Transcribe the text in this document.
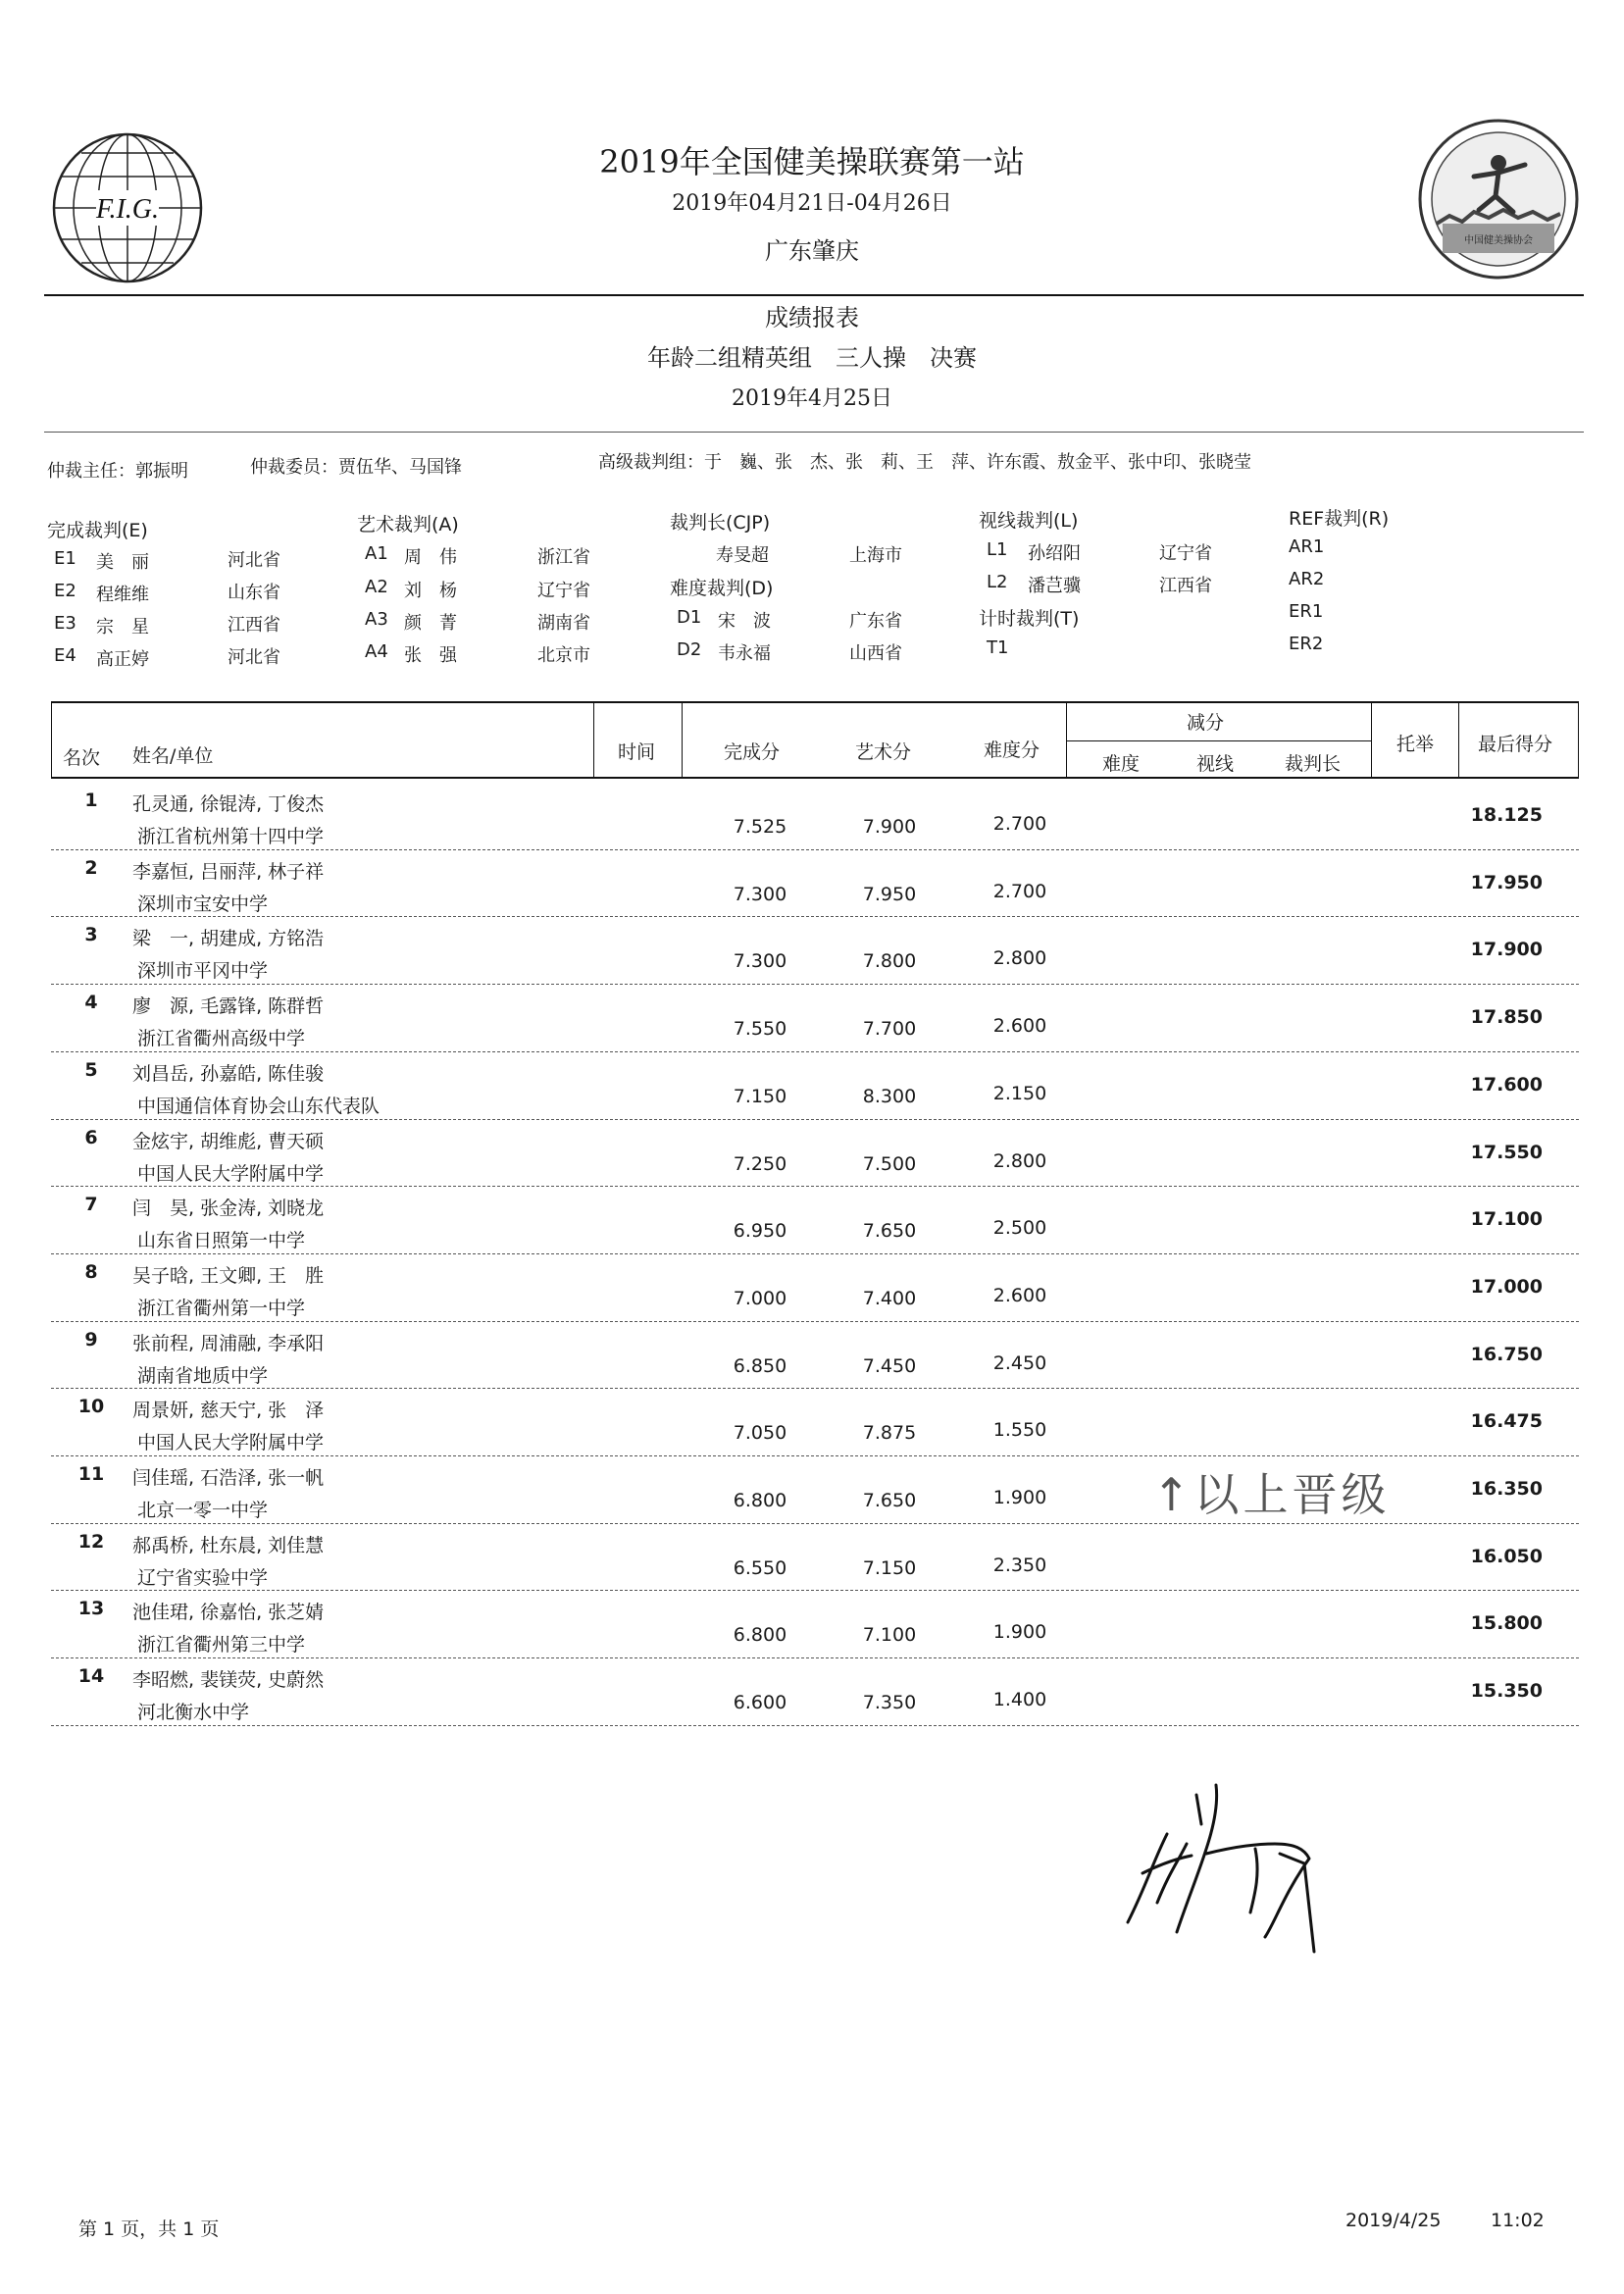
F.I.G.
中国健美操协会
2019年全国健美操联赛第一站
2019年04月21日-04月26日
广东肇庆
成绩报表
年龄二组精英组　三人操　决赛
2019年4月25日
仲裁主任：郭振明	仲裁委员：贾伍华、马国锋	高级裁判组：于　巍、张　杰、张　莉、王　萍、许东霞、敖金平、张中印、张晓莹
完成裁判(E)
E1 美　丽	河北省
E2 程维维	山东省
E3 宗　星	江西省
E4 高正婷	河北省
艺术裁判(A)
A1 周　伟	浙江省
A2 刘　杨	辽宁省
A3 颜　菁	湖南省
A4 张　强	北京市
裁判长(CJP)
寿旻超	上海市
难度裁判(D)
D1 宋　波	广东省
D2 韦永福	山西省
视线裁判(L)
L1 孙绍阳	辽宁省
L2 潘芑骥	江西省
计时裁判(T)
T1
REF裁判(R)
AR1
AR2
ER1
ER2
名次 姓名/单位	时间	完成分	艺术分	难度分
减分
难度	视线	裁判长
托举 最后得分
1	孔灵通, 徐锟涛, 丁俊杰
浙江省杭州第十四中学	7.525	7.900	2.700	18.125
2	李嘉恒, 吕丽萍, 林子祥
深圳市宝安中学	7.300	7.950	2.700	17.950
3	梁　一, 胡建成, 方铭浩
深圳市平冈中学	7.300	7.800	2.800	17.900
4	廖　源, 毛露锋, 陈群哲
浙江省衢州高级中学	7.550	7.700	2.600	17.850
5	刘昌岳, 孙嘉皓, 陈佳骏
中国通信体育协会山东代表队	7.150	8.300	2.150	17.600
6	金炫宇, 胡维彪, 曹天硕
中国人民大学附属中学	7.250	7.500	2.800	17.550
7	闫　昊, 张金涛, 刘晓龙
山东省日照第一中学	6.950	7.650	2.500	17.100
8	吴子晗, 王文卿, 王　胜
浙江省衢州第一中学	7.000	7.400	2.600	17.000
9	张前程, 周浦融, 李承阳
湖南省地质中学	6.850	7.450	2.450	16.750
10	周景妍, 慈天宁, 张　泽
中国人民大学附属中学	7.050	7.875	1.550	16.475
11	闫佳瑶, 石浩泽, 张一帆
北京一零一中学	6.800	7.650	1.900	16.350
12	郝禹桥, 杜东晨, 刘佳慧
辽宁省实验中学	6.550	7.150	2.350	16.050
13	池佳珺, 徐嘉怡, 张芝婧
浙江省衢州第三中学	6.800	7.100	1.900	15.800
14	李昭燃, 裴镁荧, 史蔚然
河北衡水中学	6.600	7.350	1.400	15.350
↑以上晋级
第 1 页，共 1 页	2019/4/25	11:02
